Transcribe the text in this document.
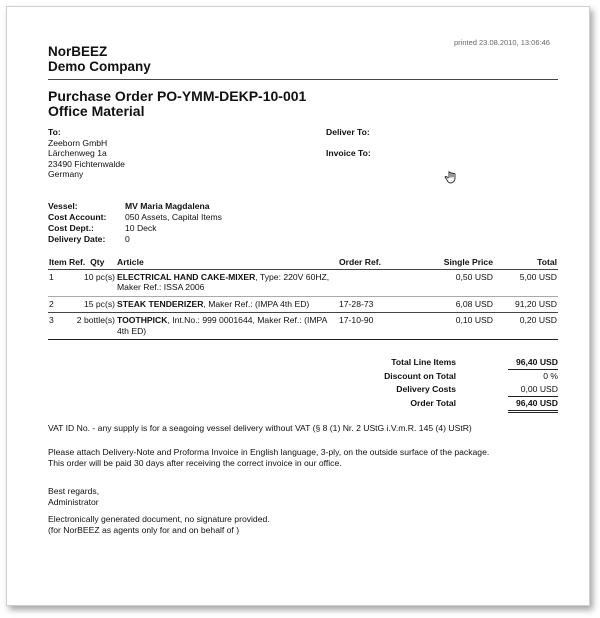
printed 23.08.2010, 13:06:46
NorBEEZ
Demo Company
Purchase Order PO-YMM-DEKP-10-001
Office Material
To:
Zeeborn GmbH
Lärchenweg 1a
23490 Fichtenwalde
Germany
Deliver To:
Invoice To:
Vessel:	MV Maria Magdalena
Cost Account: 050 Assets, Capital Items
Cost Dept.:	10 Deck
Delivery Date: 0
Item Ref. Qty		Article	Order Ref.	Single Price	Total
1	10 pc(s)	ELECTRICAL HAND CAKE-MIXER, Type: 220V 60HZ, Maker Ref.: ISSA 2006		0,50 USD	5,00 USD
2	15 pc(s)	STEAK TENDERIZER, Maker Ref.: (IMPA 4th ED)	17-28-73	6,08 USD	91,20 USD
3	2 bottle(s)	TOOTHPICK, Int.No.: 999 0001644, Maker Ref.: (IMPA 4th ED)	17-10-90	0,10 USD	0,20 USD
Total Line Items	96,40 USD
Discount on Total	0 %
Delivery Costs	0,00 USD
Order Total	96,40 USD
VAT ID No. - any supply is for a seagoing vessel delivery without VAT (§ 8 (1) Nr. 2 UStG i.V.m.R. 145 (4) UStR)
Please attach Delivery-Note and Proforma Invoice in English language, 3-ply, on the outside surface of the package.
This order will be paid 30 days after receiving the correct invoice in our office.
Best regards,
Administrator
Electronically generated document, no signature provided.
(for NorBEEZ as agents only for and on behalf of )
